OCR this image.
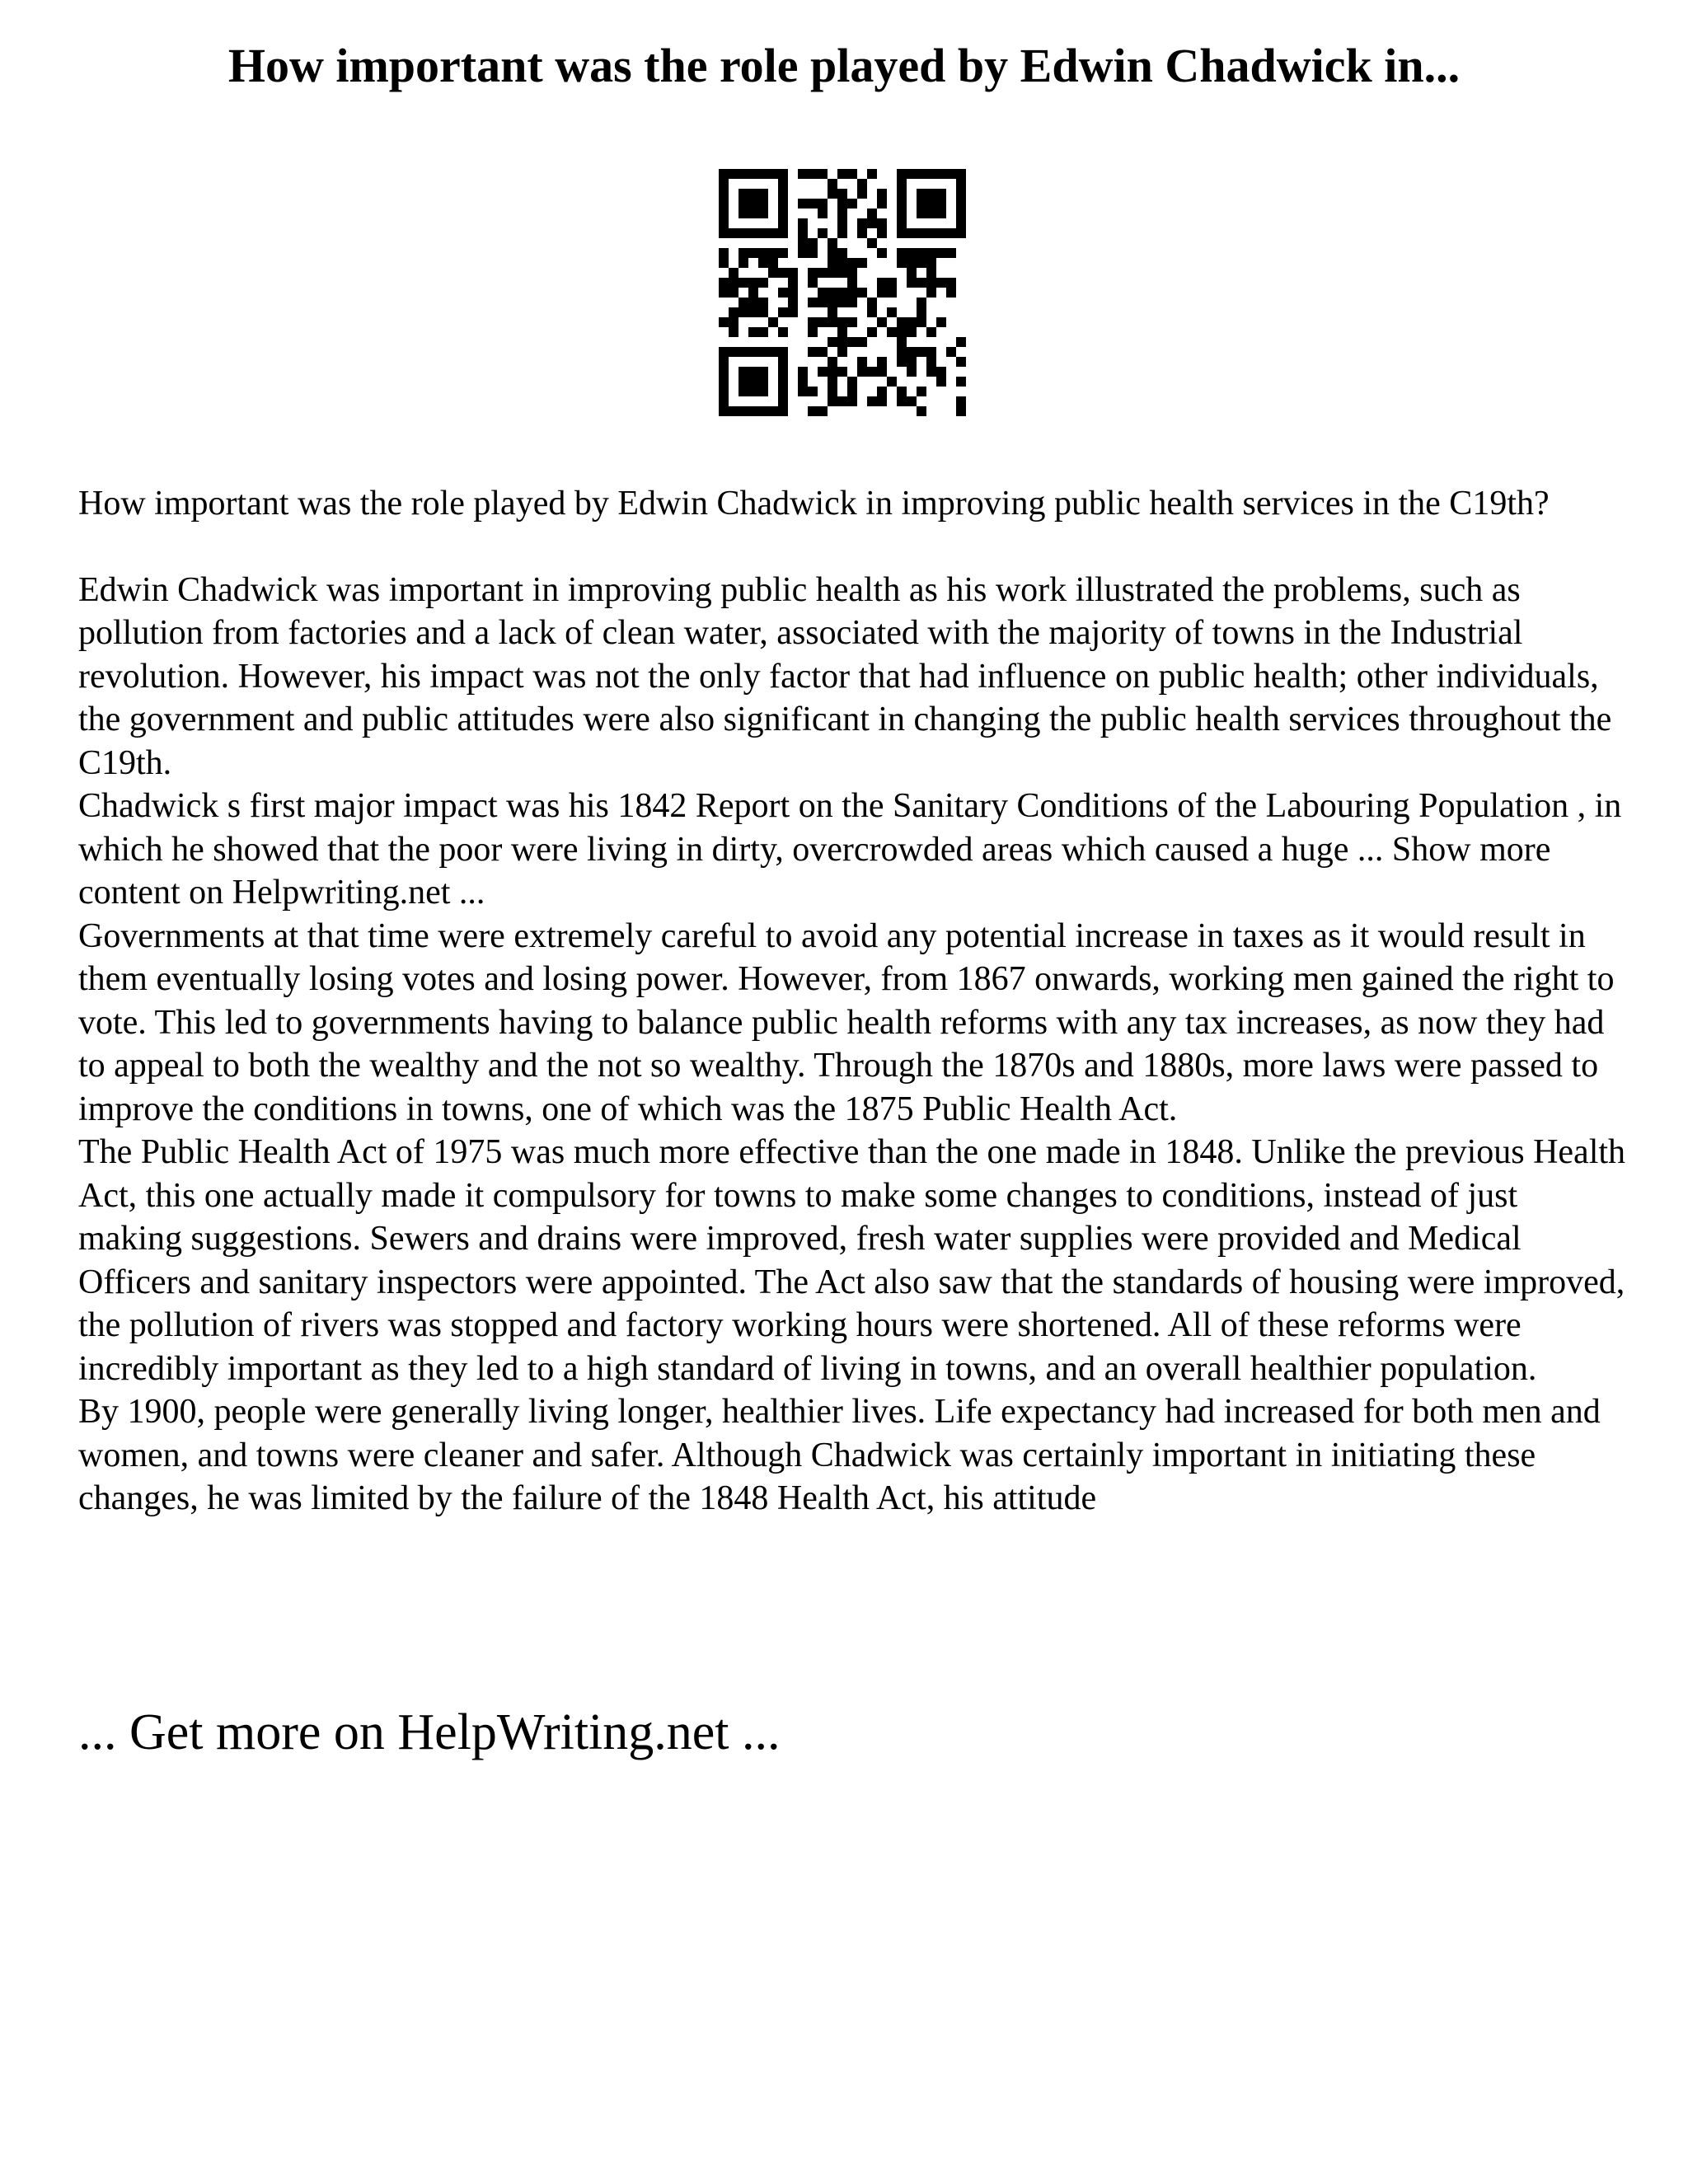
How important was the role played by Edwin Chadwick in...

How important was the role played by Edwin Chadwick in improving public health services in the C19th?

Edwin Chadwick was important in improving public health as his work illustrated the problems, such as pollution from factories and a lack of clean water, associated with the majority of towns in the Industrial revolution. However, his impact was not the only factor that had influence on public health; other individuals, the government and public attitudes were also significant in changing the public health services throughout the C19th.

Chadwick s first major impact was his 1842 Report on the Sanitary Conditions of the Labouring Population , in which he showed that the poor were living in dirty, overcrowded areas which caused a huge ... Show more content on Helpwriting.net ...

Governments at that time were extremely careful to avoid any potential increase in taxes as it would result in them eventually losing votes and losing power. However, from 1867 onwards, working men gained the right to vote. This led to governments having to balance public health reforms with any tax increases, as now they had to appeal to both the wealthy and the not so wealthy. Through the 1870s and 1880s, more laws were passed to improve the conditions in towns, one of which was the 1875 Public Health Act.

The Public Health Act of 1975 was much more effective than the one made in 1848. Unlike the previous Health Act, this one actually made it compulsory for towns to make some changes to conditions, instead of just making suggestions. Sewers and drains were improved, fresh water supplies were provided and Medical Officers and sanitary inspectors were appointed. The Act also saw that the standards of housing were improved, the pollution of rivers was stopped and factory working hours were shortened. All of these reforms were incredibly important as they led to a high standard of living in towns, and an overall healthier population.

By 1900, people were generally living longer, healthier lives. Life expectancy had increased for both men and women, and towns were cleaner and safer. Although Chadwick was certainly important in initiating these changes, he was limited by the failure of the 1848 Health Act, his attitude

... Get more on HelpWriting.net ...
